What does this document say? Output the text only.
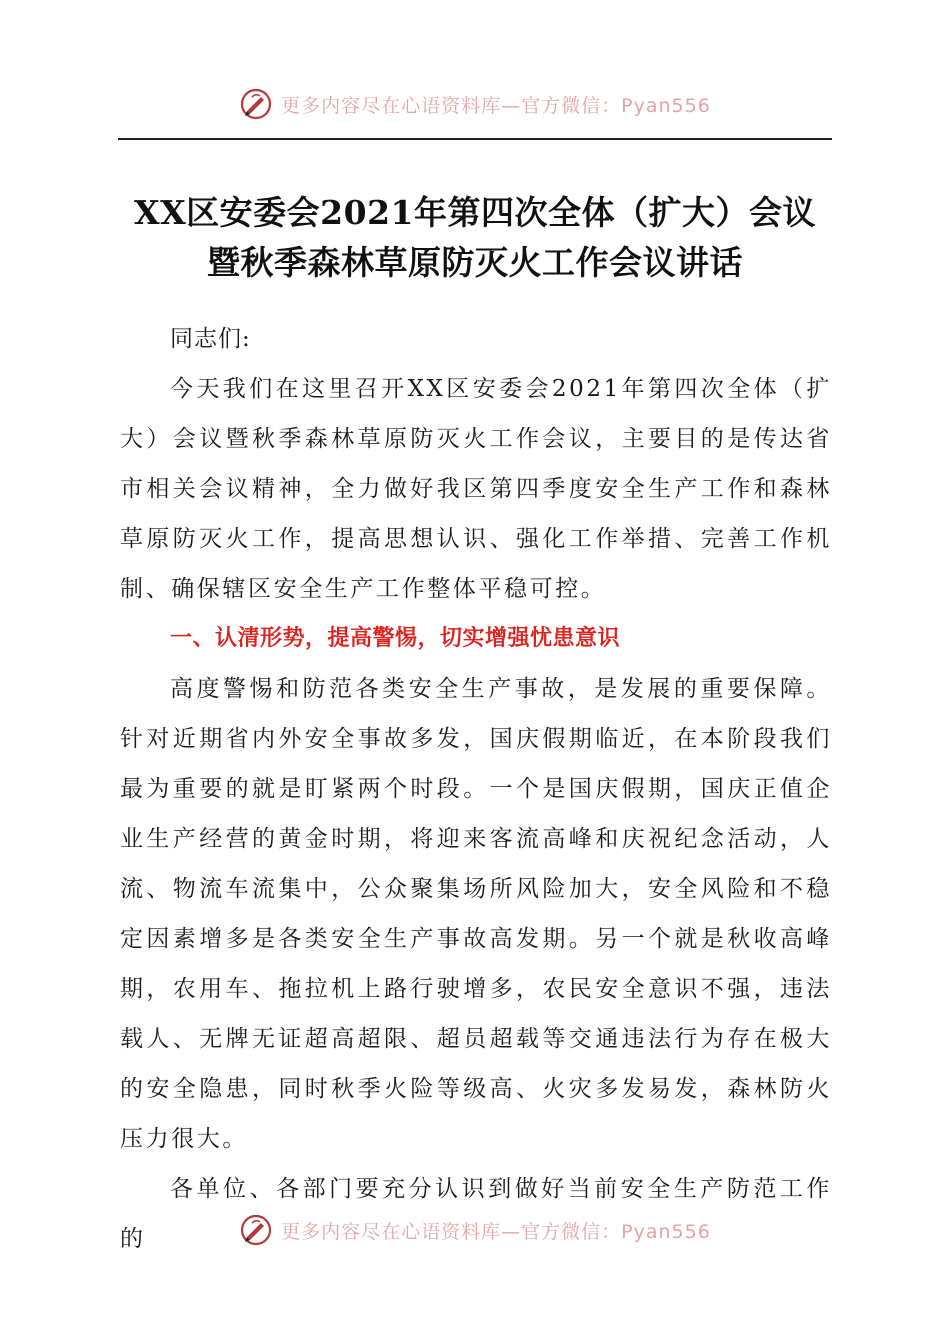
更多内容尽在心语资料库—官方微信：Pyan556
XX区安委会2021年第四次全体（扩大）会议
暨秋季森林草原防灭火工作会议讲话

同志们:

今天我们在这里召开XX区安委会2021年第四次全体（扩大）会议暨秋季森林草原防灭火工作会议，主要目的是传达省市相关会议精神，全力做好我区第四季度安全生产工作和森林草原防灭火工作，提高思想认识、强化工作举措、完善工作机制、确保辖区安全生产工作整体平稳可控。

一、认清形势，提高警惕，切实增强忧患意识

高度警惕和防范各类安全生产事故，是发展的重要保障。针对近期省内外安全事故多发，国庆假期临近，在本阶段我们最为重要的就是盯紧两个时段。一个是国庆假期，国庆正值企业生产经营的黄金时期，将迎来客流高峰和庆祝纪念活动，人流、物流车流集中，公众聚集场所风险加大，安全风险和不稳定因素增多是各类安全生产事故高发期。另一个就是秋收高峰期，农用车、拖拉机上路行驶增多，农民安全意识不强，违法载人、无牌无证超高超限、超员超载等交通违法行为存在极大的安全隐患，同时秋季火险等级高、火灾多发易发，森林防火压力很大。

各单位、各部门要充分认识到做好当前安全生产防范工作的	更多内容尽在心语资料库—官方微信：Pyan556
